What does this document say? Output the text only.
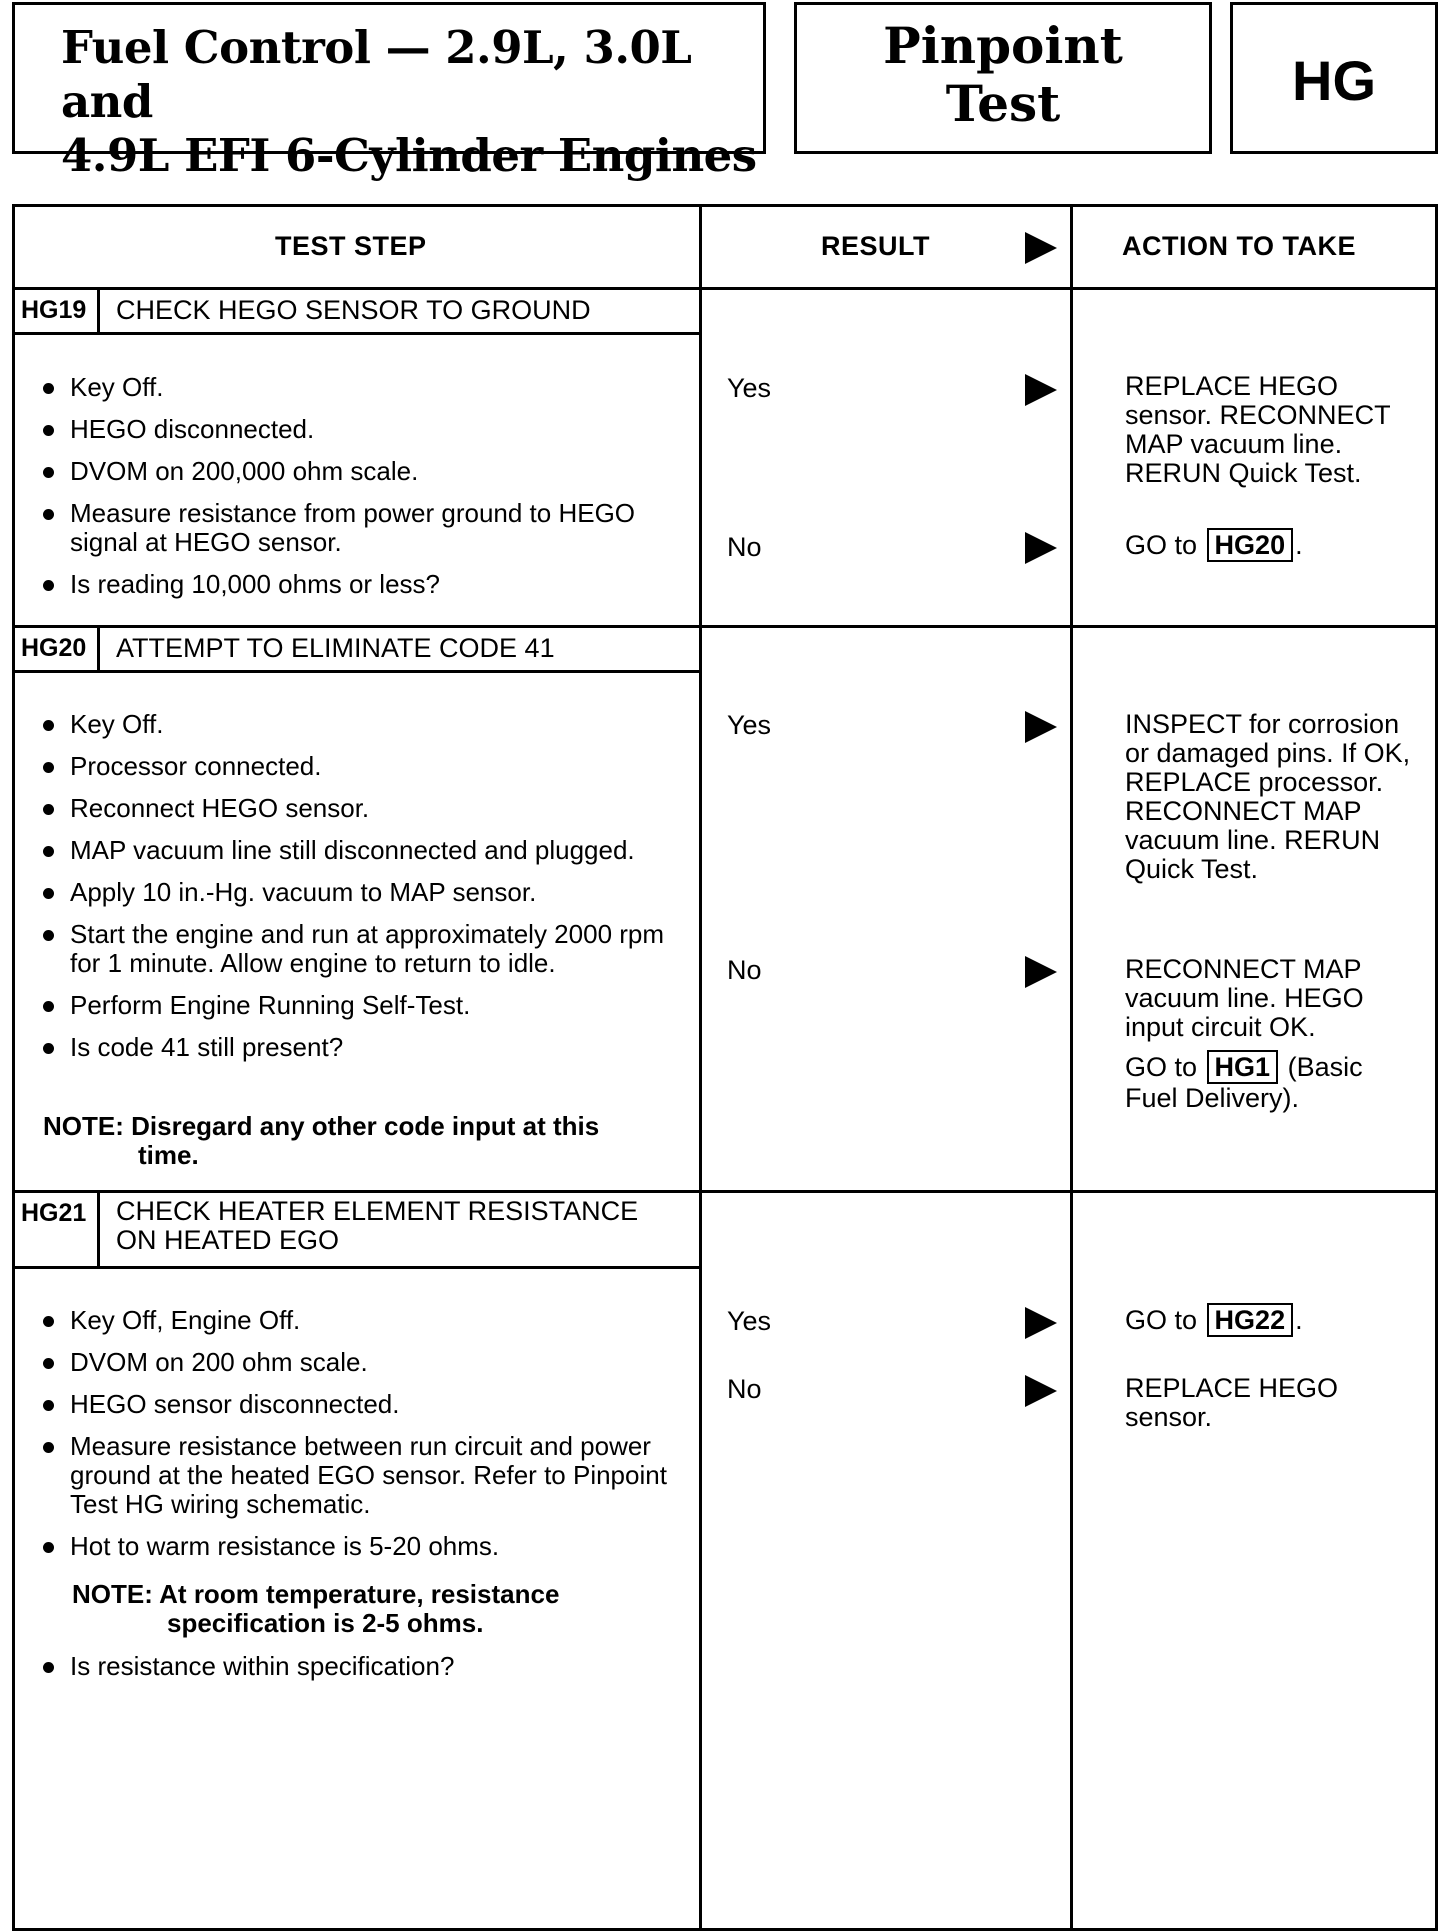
Fuel Control — 2.9L, 3.0L and
4.9L EFI 6-Cylinder Engines
Pinpoint
Test	HG
TEST STEP	RESULT	ACTION TO TAKE
HG19	CHECK HEGO SENSOR TO GROUND
Key Off.
HEGO disconnected.
DVOM on 200,000 ohm scale.
Measure resistance from power ground to HEGO signal at HEGO sensor.
Is reading 10,000 ohms or less?
Yes	REPLACE HEGO sensor. RECONNECT MAP vacuum line. RERUN Quick Test.
No	GO to HG20 .
HG20	ATTEMPT TO ELIMINATE CODE 41
Key Off.
Processor connected.
Reconnect HEGO sensor.
MAP vacuum line still disconnected and plugged.
Apply 10 in.-Hg. vacuum to MAP sensor.
Start the engine and run at approximately 2000 rpm for 1 minute. Allow engine to return to idle.
Perform Engine Running Self-Test.
Is code 41 still present?
NOTE: Disregard any other code input at this
time.
Yes	INSPECT for corrosion or damaged pins. If OK, REPLACE processor. RECONNECT MAP vacuum line. RERUN Quick Test.
No	RECONNECT MAP vacuum line. HEGO input circuit OK.
GO to HG1 (Basic Fuel Delivery).
HG21	CHECK HEATER ELEMENT RESISTANCE
ON HEATED EGO
Key Off, Engine Off.
DVOM on 200 ohm scale.
HEGO sensor disconnected.
Measure resistance between run circuit and power ground at the heated EGO sensor. Refer to Pinpoint Test HG wiring schematic.
Hot to warm resistance is 5-20 ohms.
NOTE: At room temperature, resistance
specification is 2-5 ohms.
Is resistance within specification?
Yes	GO to HG22 .
No	REPLACE HEGO sensor.
